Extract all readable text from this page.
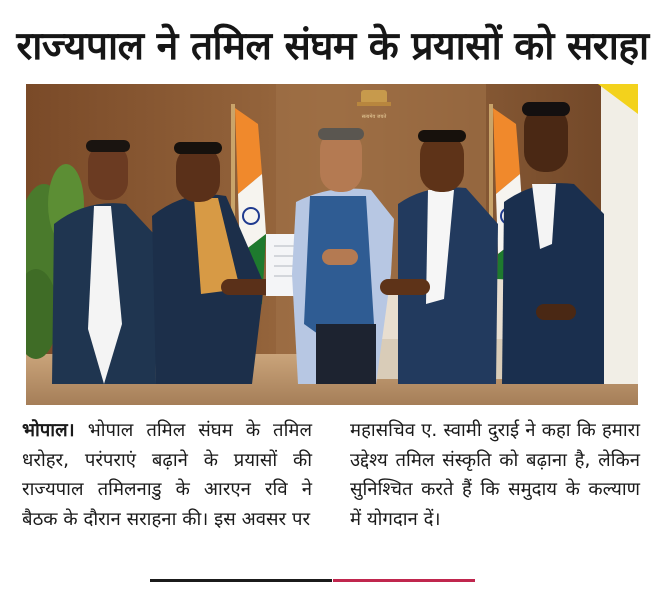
राज्यपाल ने तमिल संघम के प्रयासों को सराहा
सत्यमेव जयते

भोपाल। भोपाल तमिल संघम के तमिल धरोहर, परंपराएं बढ़ाने के प्रयासों की राज्यपाल तमिलनाडु के आरएन रवि ने बैठक के दौरान सराहना की। इस अवसर पर

महासचिव ए. स्वामी दुराई ने कहा कि हमारा उद्देश्य तमिल संस्कृति को बढ़ाना है, लेकिन सुनिश्चित करते हैं कि समुदाय के कल्याण में योगदान दें।
